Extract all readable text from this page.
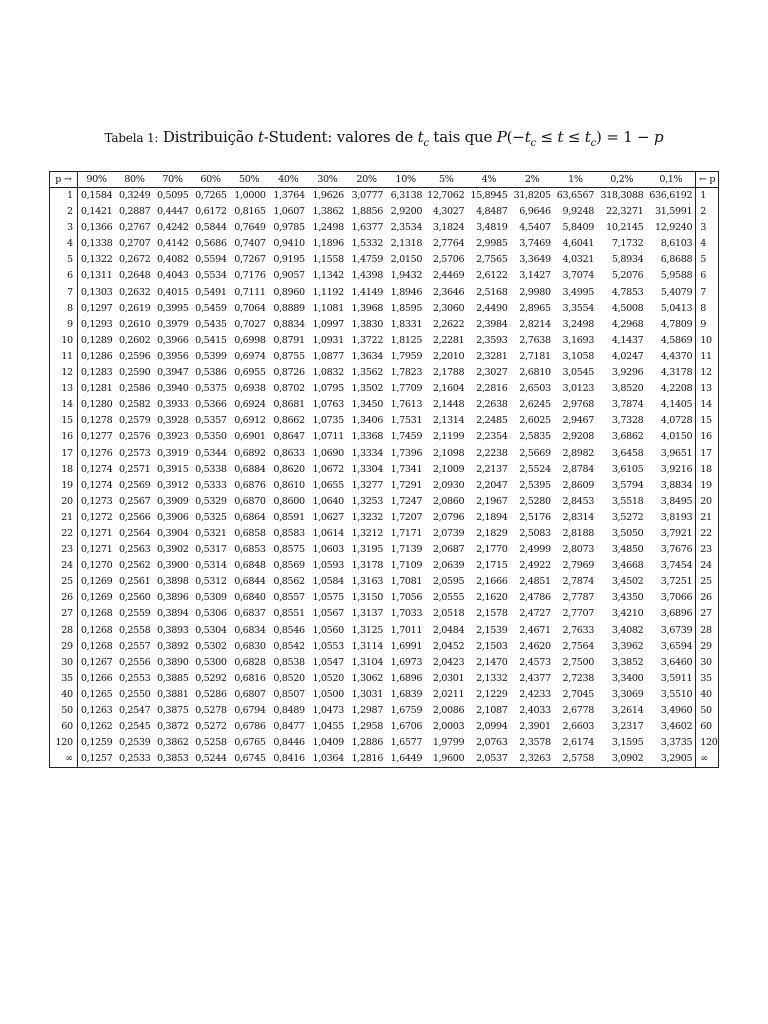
Tabela 1: Distribuição t-Student: valores de $t_c$ tais que $P(-t_c \le t \le t_c) = 1 - p$
p →	90%	80%	70%	60%	50%	40%	30%	20%	10%	5%	4%	2%	1%	0,2%	0,1%	← p
1	0,1584	0,3249	0,5095	0,7265	1,0000	1,3764	1,9626	3,0777	6,3138	12,7062	15,8945	31,8205	63,6567	318,3088	636,6192	1
2	0,1421	0,2887	0,4447	0,6172	0,8165	1,0607	1,3862	1,8856	2,9200	4,3027	4,8487	6,9646	9,9248	22,3271	31,5991	2
3	0,1366	0,2767	0,4242	0,5844	0,7649	0,9785	1,2498	1,6377	2,3534	3,1824	3,4819	4,5407	5,8409	10,2145	12,9240	3
4	0,1338	0,2707	0,4142	0,5686	0,7407	0,9410	1,1896	1,5332	2,1318	2,7764	2,9985	3,7469	4,6041	7,1732	8,6103	4
5	0,1322	0,2672	0,4082	0,5594	0,7267	0,9195	1,1558	1,4759	2,0150	2,5706	2,7565	3,3649	4,0321	5,8934	6,8688	5
6	0,1311	0,2648	0,4043	0,5534	0,7176	0,9057	1,1342	1,4398	1,9432	2,4469	2,6122	3,1427	3,7074	5,2076	5,9588	6
7	0,1303	0,2632	0,4015	0,5491	0,7111	0,8960	1,1192	1,4149	1,8946	2,3646	2,5168	2,9980	3,4995	4,7853	5,4079	7
8	0,1297	0,2619	0,3995	0,5459	0,7064	0,8889	1,1081	1,3968	1,8595	2,3060	2,4490	2,8965	3,3554	4,5008	5,0413	8
9	0,1293	0,2610	0,3979	0,5435	0,7027	0,8834	1,0997	1,3830	1,8331	2,2622	2,3984	2,8214	3,2498	4,2968	4,7809	9
10	0,1289	0,2602	0,3966	0,5415	0,6998	0,8791	1,0931	1,3722	1,8125	2,2281	2,3593	2,7638	3,1693	4,1437	4,5869	10
11	0,1286	0,2596	0,3956	0,5399	0,6974	0,8755	1,0877	1,3634	1,7959	2,2010	2,3281	2,7181	3,1058	4,0247	4,4370	11
12	0,1283	0,2590	0,3947	0,5386	0,6955	0,8726	1,0832	1,3562	1,7823	2,1788	2,3027	2,6810	3,0545	3,9296	4,3178	12
13	0,1281	0,2586	0,3940	0,5375	0,6938	0,8702	1,0795	1,3502	1,7709	2,1604	2,2816	2,6503	3,0123	3,8520	4,2208	13
14	0,1280	0,2582	0,3933	0,5366	0,6924	0,8681	1,0763	1,3450	1,7613	2,1448	2,2638	2,6245	2,9768	3,7874	4,1405	14
15	0,1278	0,2579	0,3928	0,5357	0,6912	0,8662	1,0735	1,3406	1,7531	2,1314	2,2485	2,6025	2,9467	3,7328	4,0728	15
16	0,1277	0,2576	0,3923	0,5350	0,6901	0,8647	1,0711	1,3368	1,7459	2,1199	2,2354	2,5835	2,9208	3,6862	4,0150	16
17	0,1276	0,2573	0,3919	0,5344	0,6892	0,8633	1,0690	1,3334	1,7396	2,1098	2,2238	2,5669	2,8982	3,6458	3,9651	17
18	0,1274	0,2571	0,3915	0,5338	0,6884	0,8620	1,0672	1,3304	1,7341	2,1009	2,2137	2,5524	2,8784	3,6105	3,9216	18
19	0,1274	0,2569	0,3912	0,5333	0,6876	0,8610	1,0655	1,3277	1,7291	2,0930	2,2047	2,5395	2,8609	3,5794	3,8834	19
20	0,1273	0,2567	0,3909	0,5329	0,6870	0,8600	1,0640	1,3253	1,7247	2,0860	2,1967	2,5280	2,8453	3,5518	3,8495	20
21	0,1272	0,2566	0,3906	0,5325	0,6864	0,8591	1,0627	1,3232	1,7207	2,0796	2,1894	2,5176	2,8314	3,5272	3,8193	21
22	0,1271	0,2564	0,3904	0,5321	0,6858	0,8583	1,0614	1,3212	1,7171	2,0739	2,1829	2,5083	2,8188	3,5050	3,7921	22
23	0,1271	0,2563	0,3902	0,5317	0,6853	0,8575	1,0603	1,3195	1,7139	2,0687	2,1770	2,4999	2,8073	3,4850	3,7676	23
24	0,1270	0,2562	0,3900	0,5314	0,6848	0,8569	1,0593	1,3178	1,7109	2,0639	2,1715	2,4922	2,7969	3,4668	3,7454	24
25	0,1269	0,2561	0,3898	0,5312	0,6844	0,8562	1,0584	1,3163	1,7081	2,0595	2,1666	2,4851	2,7874	3,4502	3,7251	25
26	0,1269	0,2560	0,3896	0,5309	0,6840	0,8557	1,0575	1,3150	1,7056	2,0555	2,1620	2,4786	2,7787	3,4350	3,7066	26
27	0,1268	0,2559	0,3894	0,5306	0,6837	0,8551	1,0567	1,3137	1,7033	2,0518	2,1578	2,4727	2,7707	3,4210	3,6896	27
28	0,1268	0,2558	0,3893	0,5304	0,6834	0,8546	1,0560	1,3125	1,7011	2,0484	2,1539	2,4671	2,7633	3,4082	3,6739	28
29	0,1268	0,2557	0,3892	0,5302	0,6830	0,8542	1,0553	1,3114	1,6991	2,0452	2,1503	2,4620	2,7564	3,3962	3,6594	29
30	0,1267	0,2556	0,3890	0,5300	0,6828	0,8538	1,0547	1,3104	1,6973	2,0423	2,1470	2,4573	2,7500	3,3852	3,6460	30
35	0,1266	0,2553	0,3885	0,5292	0,6816	0,8520	1,0520	1,3062	1,6896	2,0301	2,1332	2,4377	2,7238	3,3400	3,5911	35
40	0,1265	0,2550	0,3881	0,5286	0,6807	0,8507	1,0500	1,3031	1,6839	2,0211	2,1229	2,4233	2,7045	3,3069	3,5510	40
50	0,1263	0,2547	0,3875	0,5278	0,6794	0,8489	1,0473	1,2987	1,6759	2,0086	2,1087	2,4033	2,6778	3,2614	3,4960	50
60	0,1262	0,2545	0,3872	0,5272	0,6786	0,8477	1,0455	1,2958	1,6706	2,0003	2,0994	2,3901	2,6603	3,2317	3,4602	60
120	0,1259	0,2539	0,3862	0,5258	0,6765	0,8446	1,0409	1,2886	1,6577	1,9799	2,0763	2,3578	2,6174	3,1595	3,3735	120
∞	0,1257	0,2533	0,3853	0,5244	0,6745	0,8416	1,0364	1,2816	1,6449	1,9600	2,0537	2,3263	2,5758	3,0902	3,2905	∞
